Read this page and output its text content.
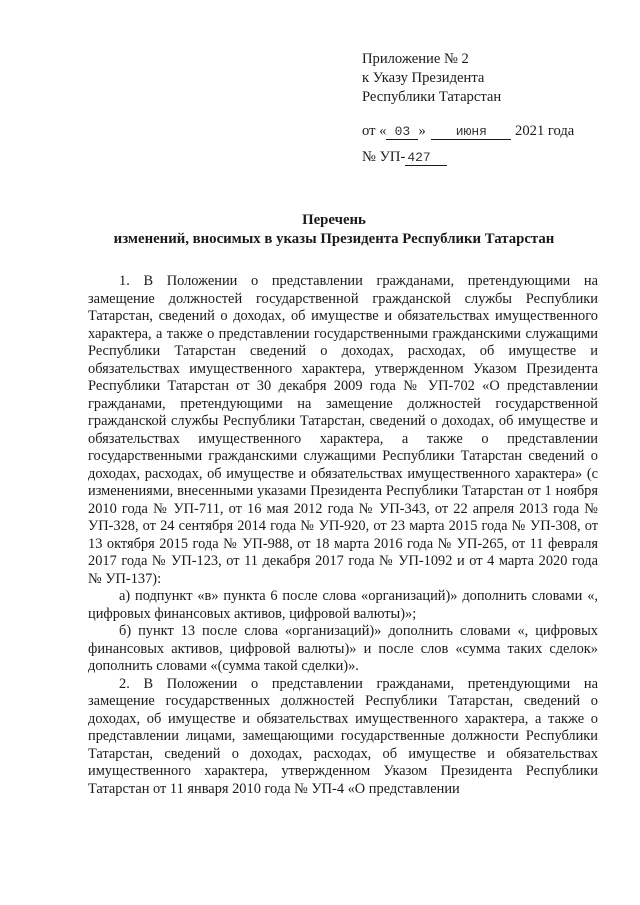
Приложение № 2
к Указу Президента
Республики Татарстан
от « 03 » июня 2021 года
№ УП- 427
Перечень
изменений, вносимых в указы Президента Республики Татарстан

1. В Положении о представлении гражданами, претендующими на замещение должностей государственной гражданской службы Республики Татарстан, сведений о доходах, об имуществе и обязательствах имущественного характера, а также о представлении государственными гражданскими служащими Республики Татарстан сведений о доходах, расходах, об имуществе и обязательствах имущественного характера, утвержденном Указом Президента Республики Татарстан от 30 декабря 2009 года № УП-702 «О представлении гражданами, претендующими на замещение должностей государственной гражданской службы Республики Татарстан, сведений о доходах, об имуществе и обязательствах имущественного характера, а также о представлении государственными гражданскими служащими Республики Татарстан сведений о доходах, расходах, об имуществе и обязательствах имущественного характера» (с изменениями, внесенными указами Президента Республики Татарстан от 1 ноября 2010 года № УП-711, от 16 мая 2012 года № УП-343, от 22 апреля 2013 года № УП-328, от 24 сентября 2014 года № УП-920, от 23 марта 2015 года № УП-308, от 13 октября 2015 года № УП-988, от 18 марта 2016 года № УП-265, от 11 февраля 2017 года № УП-123, от 11 декабря 2017 года № УП-1092 и от 4 марта 2020 года № УП-137):

а) подпункт «в» пункта 6 после слова «организаций)» дополнить словами «, цифровых финансовых активов, цифровой валюты)»;

б) пункт 13 после слова «организаций)» дополнить словами «, цифровых финансовых активов, цифровой валюты)» и после слов «сумма таких сделок» дополнить словами «(сумма такой сделки)».

2. В Положении о представлении гражданами, претендующими на замещение государственных должностей Республики Татарстан, сведений о доходах, об имуществе и обязательствах имущественного характера, а также о представлении лицами, замещающими государственные должности Республики Татарстан, сведений о доходах, расходах, об имуществе и обязательствах имущественного характера, утвержденном Указом Президента Республики Татарстан от 11 января 2010 года № УП-4 «О представлении
